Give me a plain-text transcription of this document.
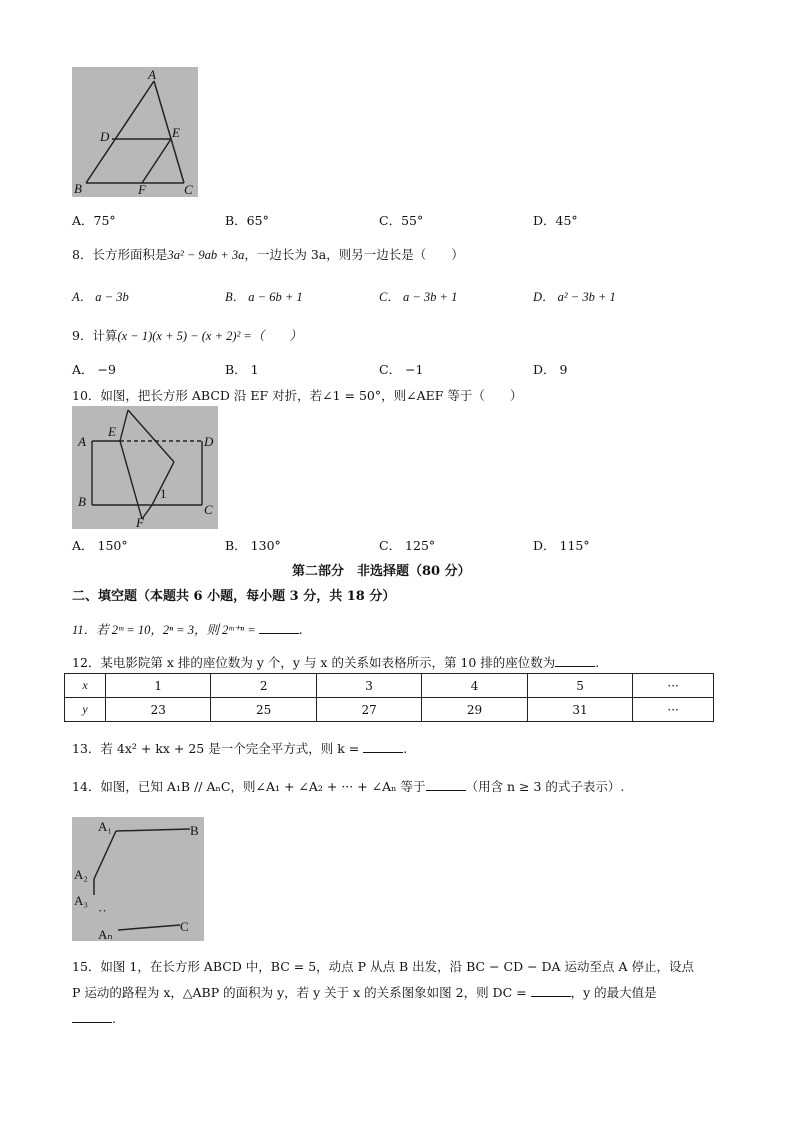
A
D	E
B	F	C
A．75°	B．65°	C．55°	D．45°
8．长方形面积是3a² − 9ab + 3a，一边长为 3a，则另一边长是（　　）
A． a − 3b	B． a − 6b + 1	C． a − 3b + 1	D． a² − 3b + 1
9．计算(x − 1)(x + 5) − (x + 2)² =（　　）
A． −9	B． 1	C． −1	D． 9
10．如图，把长方形 ABCD 沿 EF 对折，若∠1 = 50°，则∠AEF 等于（　　）
A
E
D
B
C
F
1
A． 150°	B． 130°	C． 125°	D． 115°
第二部分　非选择题（80 分）
二、填空题（本题共 6 小题，每小题 3 分，共 18 分）
11．若 2ᵐ = 10，2ⁿ = 3，则 2ᵐ⁺ⁿ =	.
12．某电影院第 x 排的座位数为 y 个，y 与 x 的关系如表格所示，第 10 排的座位数为	.
x	1	2	3	4	5	···
y	23	25	27	29	31	···
13．若 4x² + kx + 25 是一个完全平方式，则 k =	.
14．如图，已知 A₁B // AₙC，则∠A₁ + ∠A₂ + ··· + ∠Aₙ 等于	（用含 n ≥ 3 的式子表示）.
A₁	B
A₂
A₃
··
Aₙ
C
15．如图 1，在长方形 ABCD 中，BC = 5，动点 P 从点 B 出发，沿 BC − CD − DA 运动至点 A 停止，设点
P 运动的路程为 x，△ABP 的面积为 y，若 y 关于 x 的关系图象如图 2，则 DC =	，y 的最大值是
.
